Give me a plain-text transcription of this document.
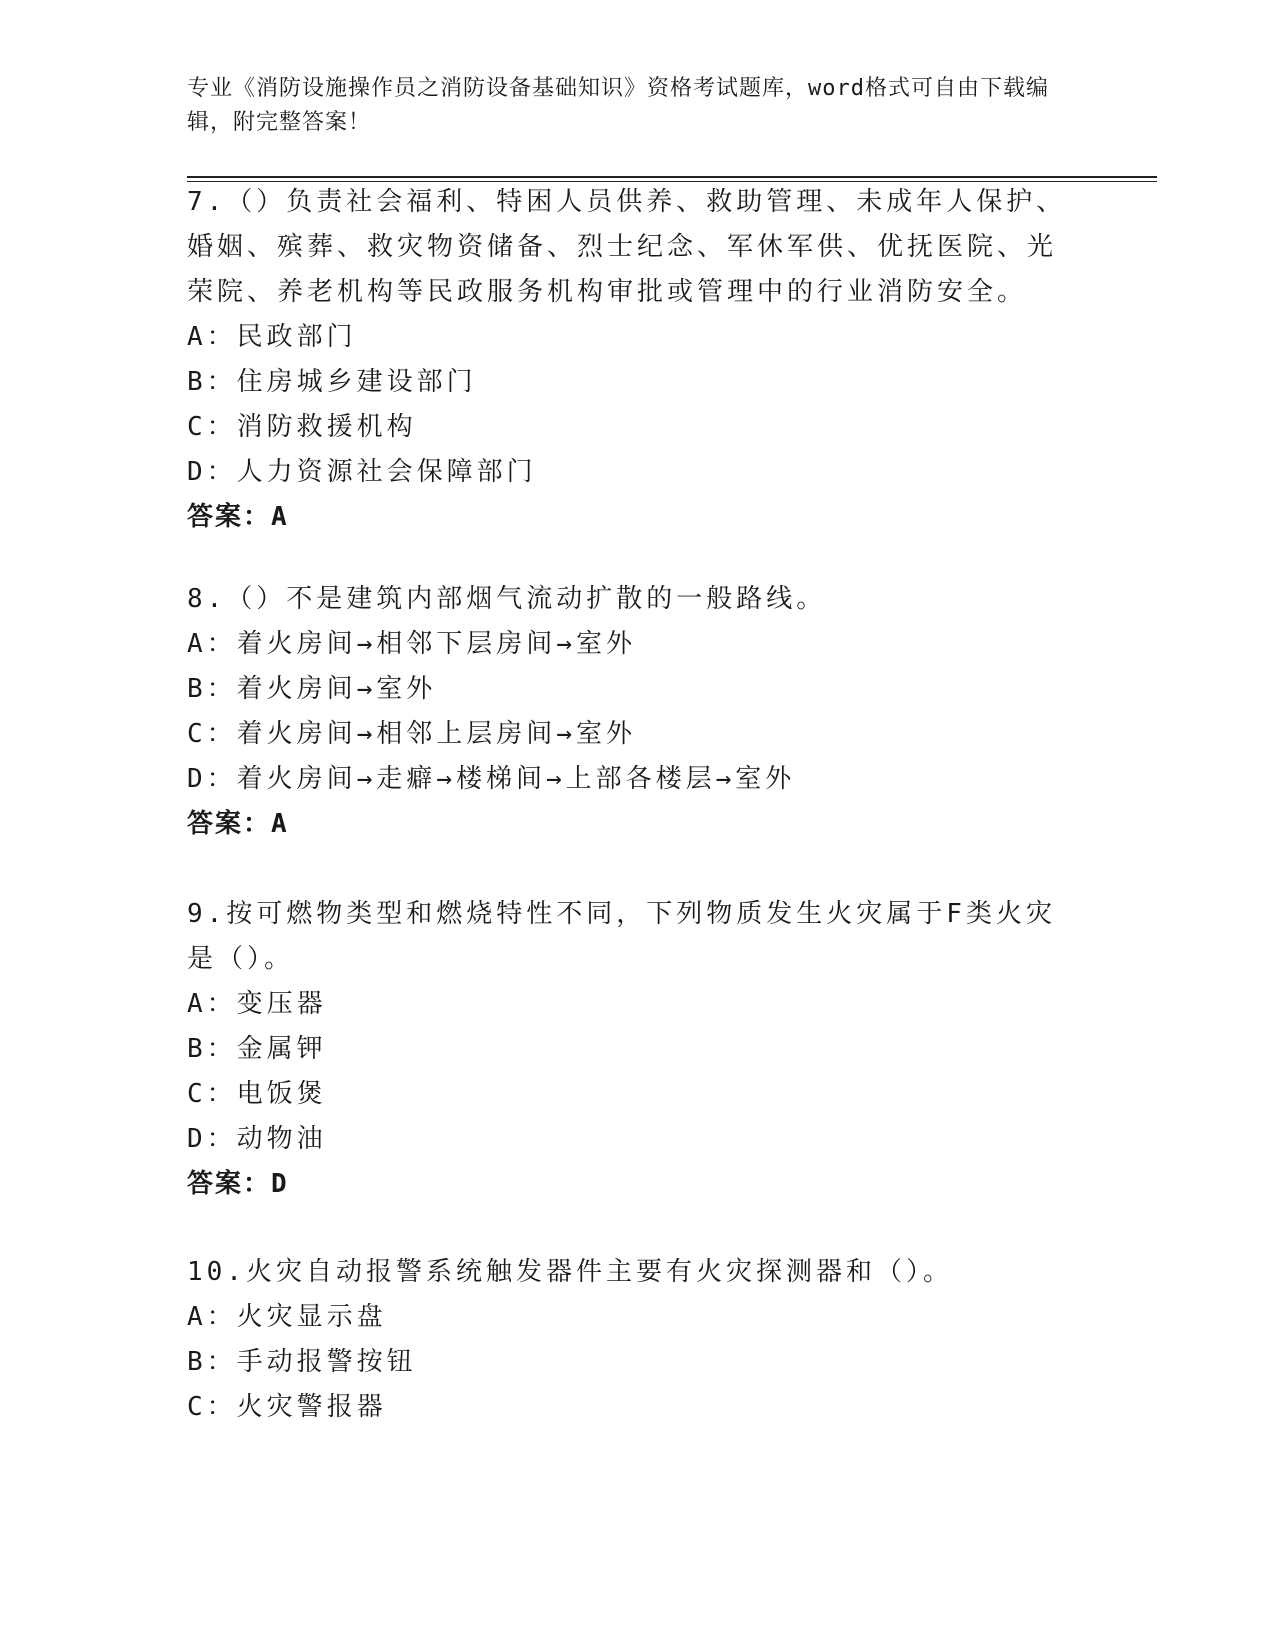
专业《消防设施操作员之消防设备基础知识》资格考试题库，word格式可自由下载编辑，附完整答案！
7.（）负责社会福利、特困人员供养、救助管理、未成年人保护、婚姻、殡葬、救灾物资储备、烈士纪念、军休军供、优抚医院、光荣院、养老机构等民政服务机构审批或管理中的行业消防安全。
A：民政部门
B：住房城乡建设部门
C：消防救援机构
D：人力资源社会保障部门
答案：A
8.（）不是建筑内部烟气流动扩散的一般路线。
A：着火房间→相邻下层房间→室外
B：着火房间→室外
C：着火房间→相邻上层房间→室外
D：着火房间→走癖→楼梯间→上部各楼层→室外
答案：A
9.按可燃物类型和燃烧特性不同，下列物质发生火灾属于F类火灾是（）。
A：变压器
B：金属钾
C：电饭煲
D：动物油
答案：D
10.火灾自动报警系统触发器件主要有火灾探测器和（）。
A：火灾显示盘
B：手动报警按钮
C：火灾警报器
